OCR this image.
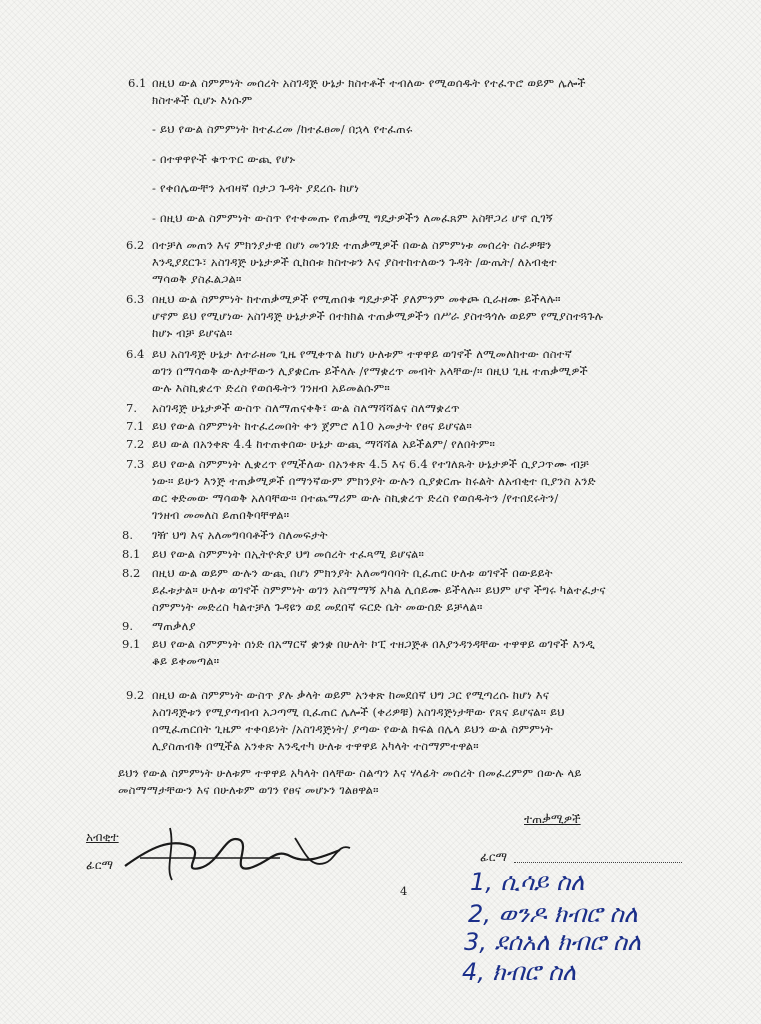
6.1 በዚህ ውል ስምምነት መሰረት አስገዳጅ ሁኔታ ክስተቶች ተብለው የሚወሰዱት የተፈጥሮ ወይም ሌሎች
ክስተቶች ሲሆኑ እነሱም
- ይህ የውል ስምምነት ከተፈረመ /ከተፈፀመ/ በኋላ የተፈጠሩ
- በተዋዋዮች ቁጥጥር ውጪ የሆኑ
- የቀበሌውቸን አብዛኛ በታጋ ጉዳት ያደረሱ ከሆነ
- በዚህ ውል ስምምነት ውስጥ የተቀመጡ የጠቃሚ ግዴታዎችን ለመፈጸም አስቸጋሪ ሆኖ ሲገኝ
6.2 በተቻለ መጠን እና ምክንያታዊ በሆነ መንገድ ተጠቃሚዎች በውል ስምምነቱ መሰረት ስራዎቹን
እንዲያደርጉ፣ አስገዳጅ ሁኔታዎች ሲከሰቱ ክስተቱን እና ያስተከተለውን ጉዳት /ውጤት/ ለአብቂተ
ማሳወቅ ያስፈልጋል።
6.3 በዚህ ውል ስምምነት ከተጠቃሚዎች የሚጠበቁ ግዴታዎች ያለምንም መቀጮ ሲራዘሙ ይችላሉ።
ሆኖም ይህ የሚሆነው አስገዳጅ ሁኔታዎች በተክክል ተጠቃሚዎችን በሥራ ያስተጓጎሉ ወይም የሚያስተጓጉሉ
ከሆኑ ብቻ ይሆናል።
6.4 ይህ አስገዳጅ ሁኔታ ለተራዘመ ጊዜ የሚቀጥል ከሆነ ሁለቱም ተዋዋይ ወገኖች ለሚመለከተው ሰስተኛ
ወገን በማሳወቅ ውለታቸውን ሊያቋርጡ ይችላሉ /የማቋረጥ መብት አላቸው/። በዚህ ጊዜ ተጠቃሚዎች
ውሉ እስኪቋረጥ ድረስ የወሰዱትን ገንዘብ አይመልሱም።
7. አስገዳጅ ሁኔታዎች ውስጥ ስለማጠናቀቅ፣ ውል ስለማሻሻልና ስለማቋረጥ
7.1 ይህ የውል ስምምነት ከተፈረመበት ቀን ጀምሮ ለ10 አመታት የፀና ይሆናል።
7.2 ይህ ውል በአንቀጽ 4.4 ከተጠቀሰው ሁኔታ ውጪ ማሻሻል አይችልም/ የለበትም።
7.3 ይህ የውል ስምምነት ሊቋረጥ የሚችለው በአንቀጽ 4.5 እና 6.4 የተገለጹት ሁኔታዎች ሲያጋጥሙ ብቻ
ነው። ይሁን እንጅ ተጠቃሚዎች በማንኛውም ምክንያት ውሉን ሲያቋርጡ ከሩልት ለአብቂተ ቢያንስ አንድ
ወር ቀድመው ማሳወቅ አለባቸው። በተጨማሪም ውሉ ስኪቋረጥ ድረስ የወሰዱትን /የተበደሩትን/
ገንዘብ መመለስ ይጠበቅባቸዋል።
8. ገዥ ህግ እና አለመግባባቶችን ስለመፍታት
8.1 ይህ የውል ስምምነት በኢትዮጵያ ህግ መሰረት ተፈጻሚ ይሆናል።
8.2 በዚህ ውል ወይም ውሉን ውጪ በሆነ ምክንያት አለመግባባት ቢፈጠር ሁለቱ ወገኖች በውይይት
ይፈቱታል። ሁለቱ ወገኖች ስምምነት ወገን አስማማኝ አካል ሊሰይሙ ይችላሉ። ይህም ሆኖ ችግሩ ካልተፈታና
ስምምነት መድረስ ካልተቻለ ጉዳዩን ወደ መደበኛ ፍርድ ቤት መውሰድ ይቻላል።
9. ማጠቃለያ
9.1 ይህ የውል ስምምነት ሰነድ በአማርኛ ቋንቋ በሁለት ኮፒ ተዘጋጅቶ በእያንዳንዳቸው ተዋዋይ ወገኖች እንዲ
ቆይ ይቀመጣል።
9.2 በዚህ ውል ስምምነት ውስጥ ያሉ ቃላት ወይም አንቀጽ ከመደበኛ ህግ ጋር የሚጣረሱ ከሆነ እና
አስገዳጅቱን የሚያጣብብ አጋጣሚ ቢፈጠር ሌሎች (ቀሪዎቹ) አስገዳጅነታቸው የጸና ይሆናል። ይህ
በሚፈጠርበት ጊዜም ተቀባይነት /አስገዳጅነት/ ያጣው የውል ክፍል በሌላ ይህን ውል ስምምነት
ሊያስጠብቅ በሚችል አንቀጽ እንዲተካ ሁለቱ ተዋዋይ አካላት ተስማምተዋል።
ይህን የውል ስምምነት ሁለቱም ተዋዋይ አካላት በላቸው ስልጣን እና ሃላፊት መሰረት በመፈረምም በውሉ ላይ
መስማማታቸውን እና በሁለቱም ወገን የፀና መሆኑን ገልፀዋል።
አብቂተ
ፊርማ
ተጠቃሚዎች
ፊርማ
4	1, ሲሳይ ስለ
2, ወንዶ ክብሮ ስለ
3, ደሰአለ ክብሮ ስለ
4, ክብሮ ስለ
